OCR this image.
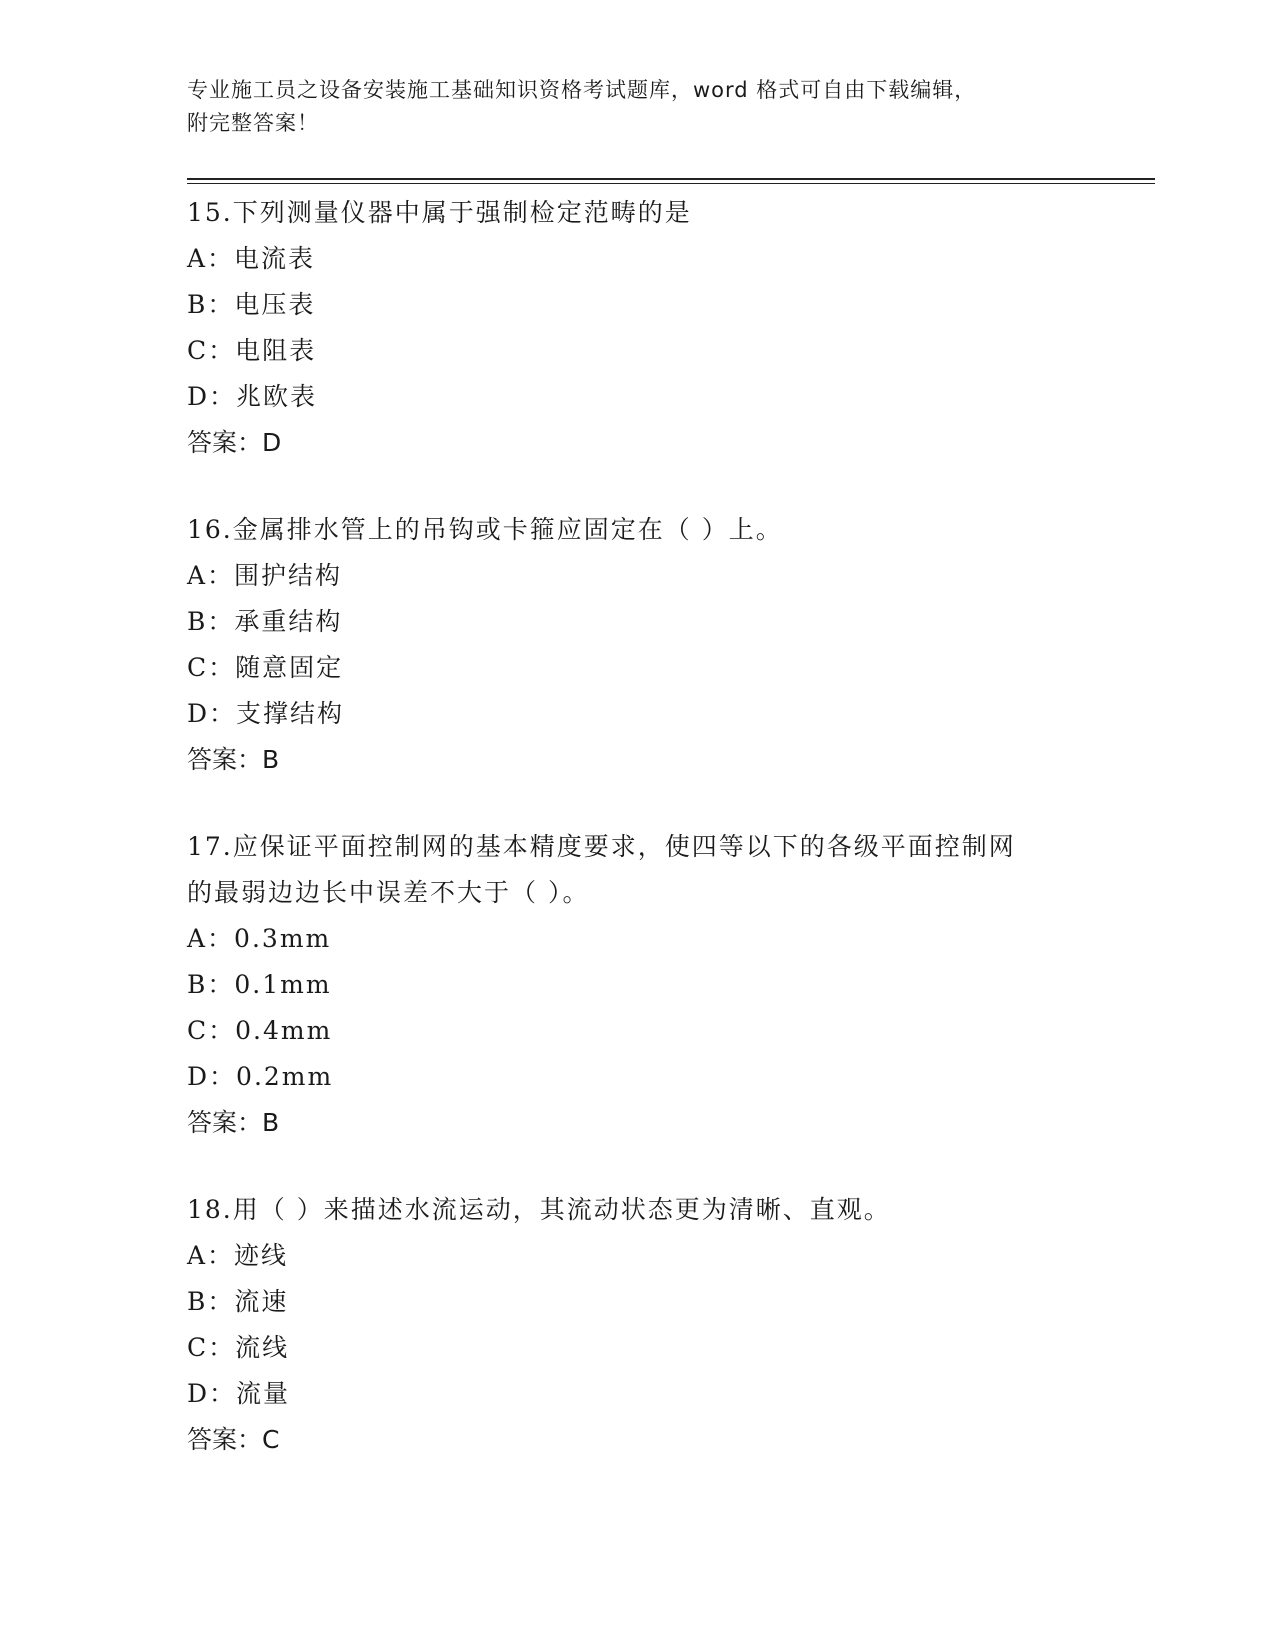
专业施工员之设备安装施工基础知识资格考试题库，word 格式可自由下载编辑，
附完整答案！
15.下列测量仪器中属于强制检定范畴的是
A：电流表
B：电压表
C：电阻表
D：兆欧表
答案：D
16.金属排水管上的吊钩或卡箍应固定在（ ）上。
A：围护结构
B：承重结构
C：随意固定
D：支撑结构
答案：B
17.应保证平面控制网的基本精度要求，使四等以下的各级平面控制网
的最弱边边长中误差不大于（ ）。
A：0.3mm
B：0.1mm
C：0.4mm
D：0.2mm
答案：B
18.用（ ）来描述水流运动，其流动状态更为清晰、直观。
A：迹线
B：流速
C：流线
D：流量
答案：C
